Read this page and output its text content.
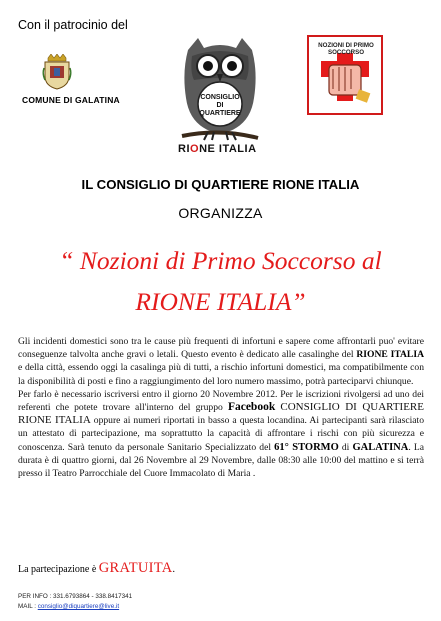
Con il patrocinio del
COMUNE DI GALATINA	CONSIGLIO
DI
QUARTIERE
RIONE ITALIA
NOZIONI DI PRIMO SOCCORSO
IL CONSIGLIO DI QUARTIERE RIONE ITALIA
ORGANIZZA
“ Nozioni di Primo Soccorso al
RIONE ITALIA”

Gli incidenti domestici sono tra le cause più frequenti di infortuni e sapere come affrontarli puo' evitare conseguenze talvolta anche gravi o letali. Questo evento è dedicato alle casalinghe del RIONE ITALIA e della città, essendo oggi la casalinga più di tutti, a rischio infortuni domestici, ma compatibilmente con la disponibilità di posti e fino a raggiungimento del loro numero massimo, potrà parteciparvi chiunque.

Per farlo è necessario iscriversi entro il giorno 20 Novembre 2012. Per le iscrizioni rivolgersi ad uno dei referenti che potete trovare all'interno del gruppo Facebook CONSIGLIO DI QUARTIERE RIONE ITALIA oppure ai numeri riportati in basso a questa locandina. Ai partecipanti sarà rilasciato un attestato di partecipazione, ma soprattutto la capacità di affrontare i rischi con più sicurezza e conoscenza. Sarà tenuto da personale Sanitario Specializzato del 61° STORMO di GALATINA. La durata è di quattro giorni, dal 26 Novembre al 29 Novembre, dalle 08:30 alle 10:00 del mattino e si terrà presso il Teatro Parrocchiale del Cuore Immacolato di Maria .

La partecipazione è GRATUITA.
PER INFO : 331.6793864 - 338.8417341
MAIL : consiglio@diquartiere@live.it
